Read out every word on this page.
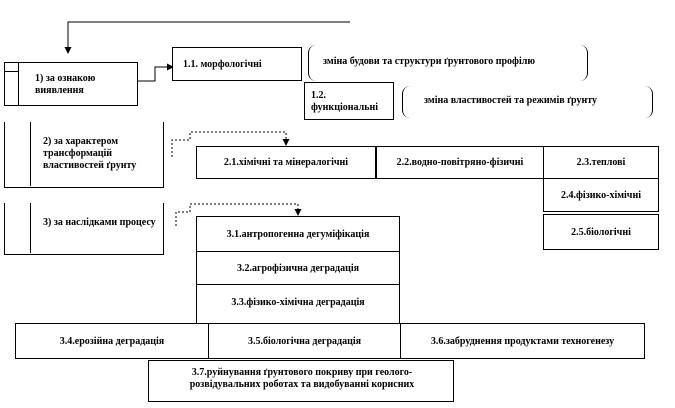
1) за ознакою виявлення
2) за характером трансформацій властивостей ґрунту
3) за наслідками процесу
1.1. морфологічні
1.2. функціональні
зміна будови та структури ґрунтового профілю
зміна властивостей та режимів ґрунту
2.1.хімічні та мінералогічні	2.2.водно-повітряно-фізичні	2.3.теплові
2.4.фізико-хімічні
2.5.біологічні
3.1.антропогенна дегуміфікація
3.2.агрофізична деградація
3.3.фізико-хімічна деградація
3.4.ерозійна деградація	3.5.біологічна деградація	3.6.забруднення продуктами техногенезу
3.7.руйнування ґрунтового покриву при геолого-розвідувальних роботах та видобуванні корисних
